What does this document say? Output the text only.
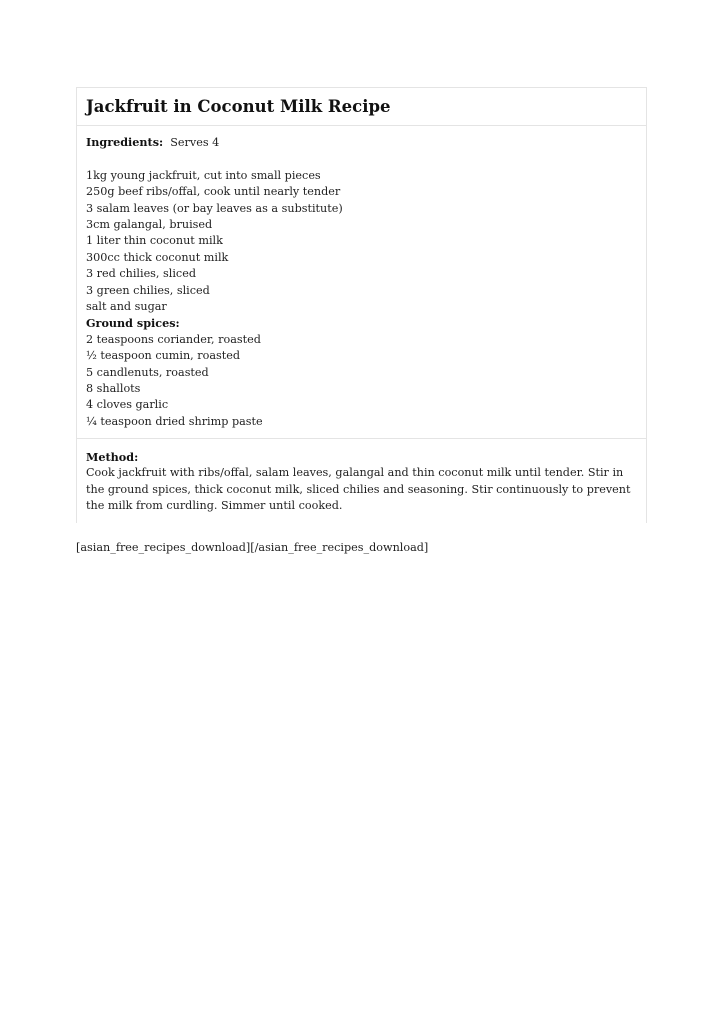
Jackfruit in Coconut Milk Recipe
Ingredients: Serves 4
1kg young jackfruit, cut into small pieces
250g beef ribs/offal, cook until nearly tender
3 salam leaves (or bay leaves as a substitute)
3cm galangal, bruised
1 liter thin coconut milk
300cc thick coconut milk
3 red chilies, sliced
3 green chilies, sliced
salt and sugar
Ground spices:
2 teaspoons coriander, roasted
½ teaspoon cumin, roasted
5 candlenuts, roasted
8 shallots
4 cloves garlic
¼ teaspoon dried shrimp paste
Method:
Cook jackfruit with ribs/offal, salam leaves, galangal and thin coconut milk until tender. Stir in the ground spices, thick coconut milk, sliced chilies and seasoning. Stir continuously to prevent the milk from curdling. Simmer until cooked.
[asian_free_recipes_download][/asian_free_recipes_download]
